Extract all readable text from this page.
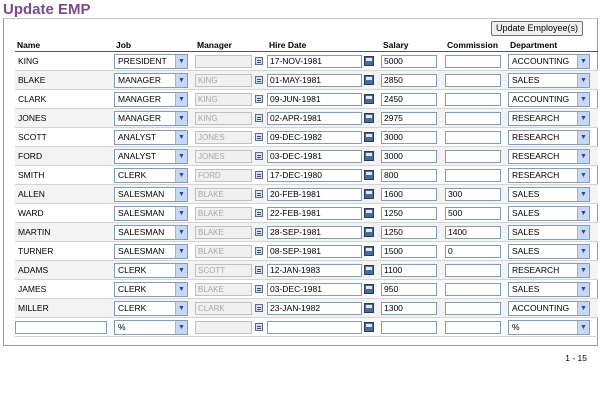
Update EMP
Update Employee(s)
Name	Job	Manager	Hire Date	Salary	Commission	Department
KING	PRESIDENT ▼		17-NOV-1981	5000		ACCOUNTING ▼

BLAKE	MANAGER ▼	KING	01-MAY-1981	2850		SALES ▼

CLARK	MANAGER ▼	KING	09-JUN-1981	2450		ACCOUNTING ▼

JONES	MANAGER ▼	KING	02-APR-1981	2975		RESEARCH ▼

SCOTT	ANALYST ▼	JONES	09-DEC-1982	3000		RESEARCH ▼

FORD	ANALYST ▼	JONES	03-DEC-1981	3000		RESEARCH ▼

SMITH	CLERK ▼	FORD	17-DEC-1980	800		RESEARCH ▼

ALLEN	SALESMAN ▼	BLAKE	20-FEB-1981	1600	300	SALES ▼

WARD	SALESMAN ▼	BLAKE	22-FEB-1981	1250	500	SALES ▼

MARTIN	SALESMAN ▼	BLAKE	28-SEP-1981	1250	1400	SALES ▼

TURNER	SALESMAN ▼	BLAKE	08-SEP-1981	1500	0	SALES ▼

ADAMS	CLERK ▼	SCOTT	12-JAN-1983	1100		RESEARCH ▼

JAMES	CLERK ▼	BLAKE	03-DEC-1981	950		SALES ▼

MILLER	CLERK ▼	CLARK	23-JAN-1982	1300		ACCOUNTING ▼

	% ▼					% ▼
1 - 15
